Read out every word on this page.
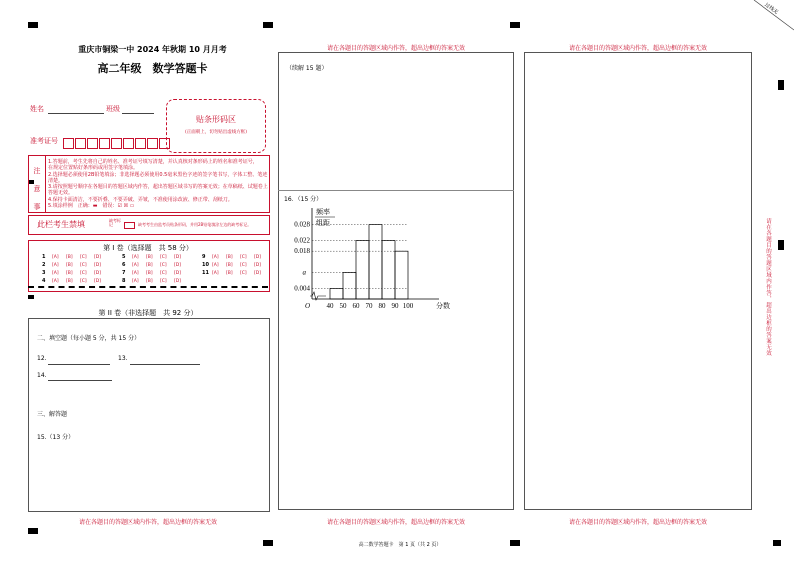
过线无
重庆市铜梁一中 2024 年秋期 10 月月考
高二年级　数学答题卡
姓名	班级
准考证号
贴条形码区
(正面朝上，切勿贴出虚线方框)
注
意
事
1.答题前，考生先将自己的姓名、准考证号填写清楚，并认真核对条形码上的姓名和准考证号，
在规定位置贴好条形码或用签字笔填涂。
2.选择题必须使用2B铅笔填涂；非选择题必须使用0.5毫米黑色字迹的签字笔书写，字体工整、笔迹清楚。
3.请按照题号顺序在各题目的答题区域内作答，超出答题区域书写的答案无效；在草稿纸、试题卷上答题无效。
4.保持卡面清洁，不要折叠、不要弄破、弄皱，不准使用涂改液、修正带、刮纸刀。
5.填涂样例　正确：▬　错误：☑ ☒ ▭
此栏考生禁填	缺考标记	缺考考生由监考员贴条形码，并用2B铅笔填涂左边的缺考标记。
第 I 卷（选择题　共 58 分）
1 [A] [B] [C] [D]
2 [A] [B] [C] [D]
3 [A] [B] [C] [D]
4 [A] [B] [C] [D]
5 [A] [B] [C] [D]
6 [A] [B] [C] [D]
7 [A] [B] [C] [D]
8 [A] [B] [C] [D]
9 [A] [B] [C] [D]
10 [A] [B] [C] [D]
11 [A] [B] [C] [D]
第 II 卷（非选择题　共 92 分）
二、填空题（每小题 5 分，共 15 分）
12.	13.
14.
三、解答题
15.（13 分）
请在各题目的答题区域内作答，超出边框的答案无效
请在各题目的答题区域内作答，超出边框的答案无效
（续解 15 题）
16．（15 分）
0.028
0.022
0.018
0.004
a
40 50 60 70 80 90 100
O	分数
频率
组距
请在各题目的答题区域内作答，超出边框的答案无效
请在各题目的答题区域内作答，超出边框的答案无效
请在各题目的答题区域内作答，超出边框的答案无效
请在各题目的答题区域内作答，超出边框的答案无效
高二数学答题卡　第 1 页（共 2 页）
